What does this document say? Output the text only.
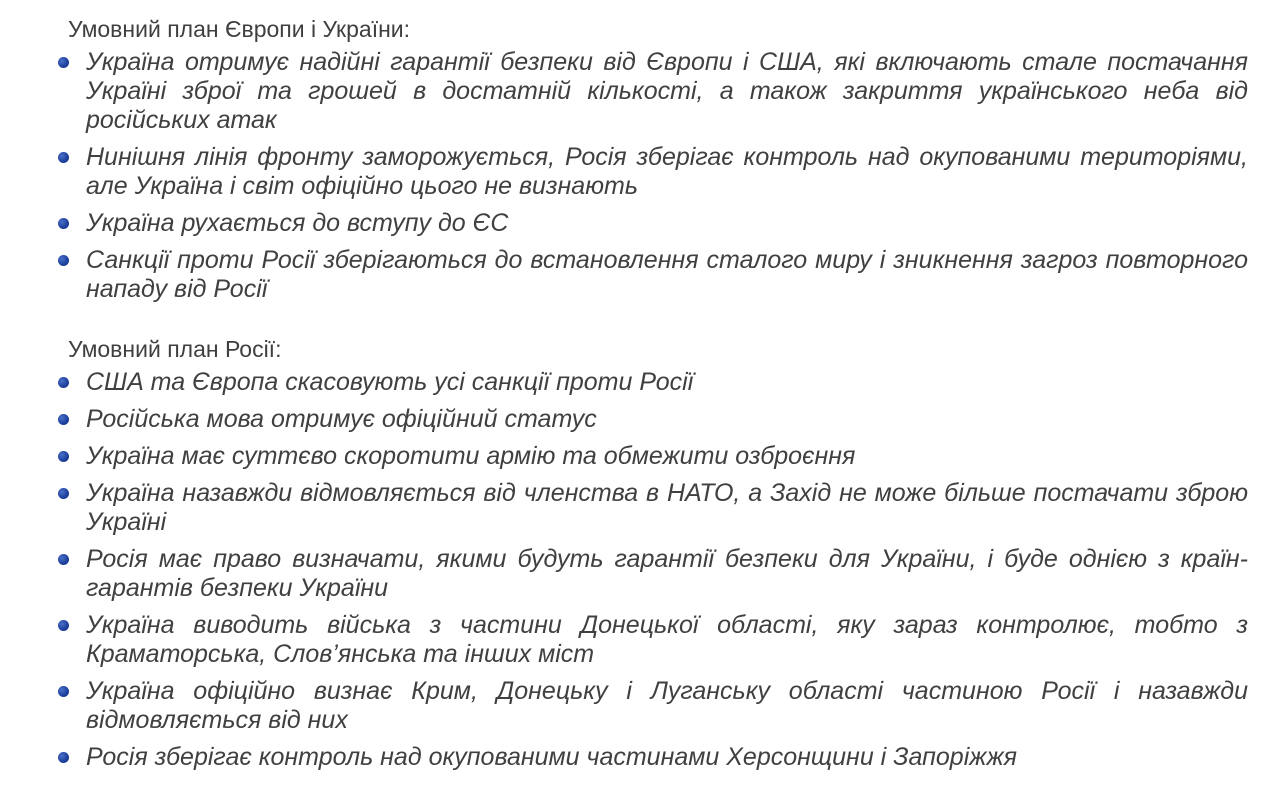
Умовний план Європи і України:

Україна отримує надійні гарантії безпеки від Європи і США, які включають стале постачання Україні зброї та грошей в достатній кількості, а також закриття українського неба від російських атак
Нинішня лінія фронту заморожується, Росія зберігає контроль над окупованими територіями, але Україна і світ офіційно цього не визнають
Україна рухається до вступу до ЄС
Санкції проти Росії зберігаються до встановлення сталого миру і зникнення загроз повторного нападу від Росії

Умовний план Росії:

США та Європа скасовують усі санкції проти Росії
Російська мова отримує офіційний статус
Україна має суттєво скоротити армію та обмежити озброєння
Україна назавжди відмовляється від членства в НАТО, а Захід не може більше постачати зброю Україні
Росія має право визначати, якими будуть гарантії безпеки для України, і буде однією з країн-гарантів безпеки України
Україна виводить війська з частини Донецької області, яку зараз контролює, тобто з Краматорська, Слов’янська та інших міст
Україна офіційно визнає Крим, Донецьку і Луганську області частиною Росії і назавжди відмовляється від них
Росія зберігає контроль над окупованими частинами Херсонщини і Запоріжжя
